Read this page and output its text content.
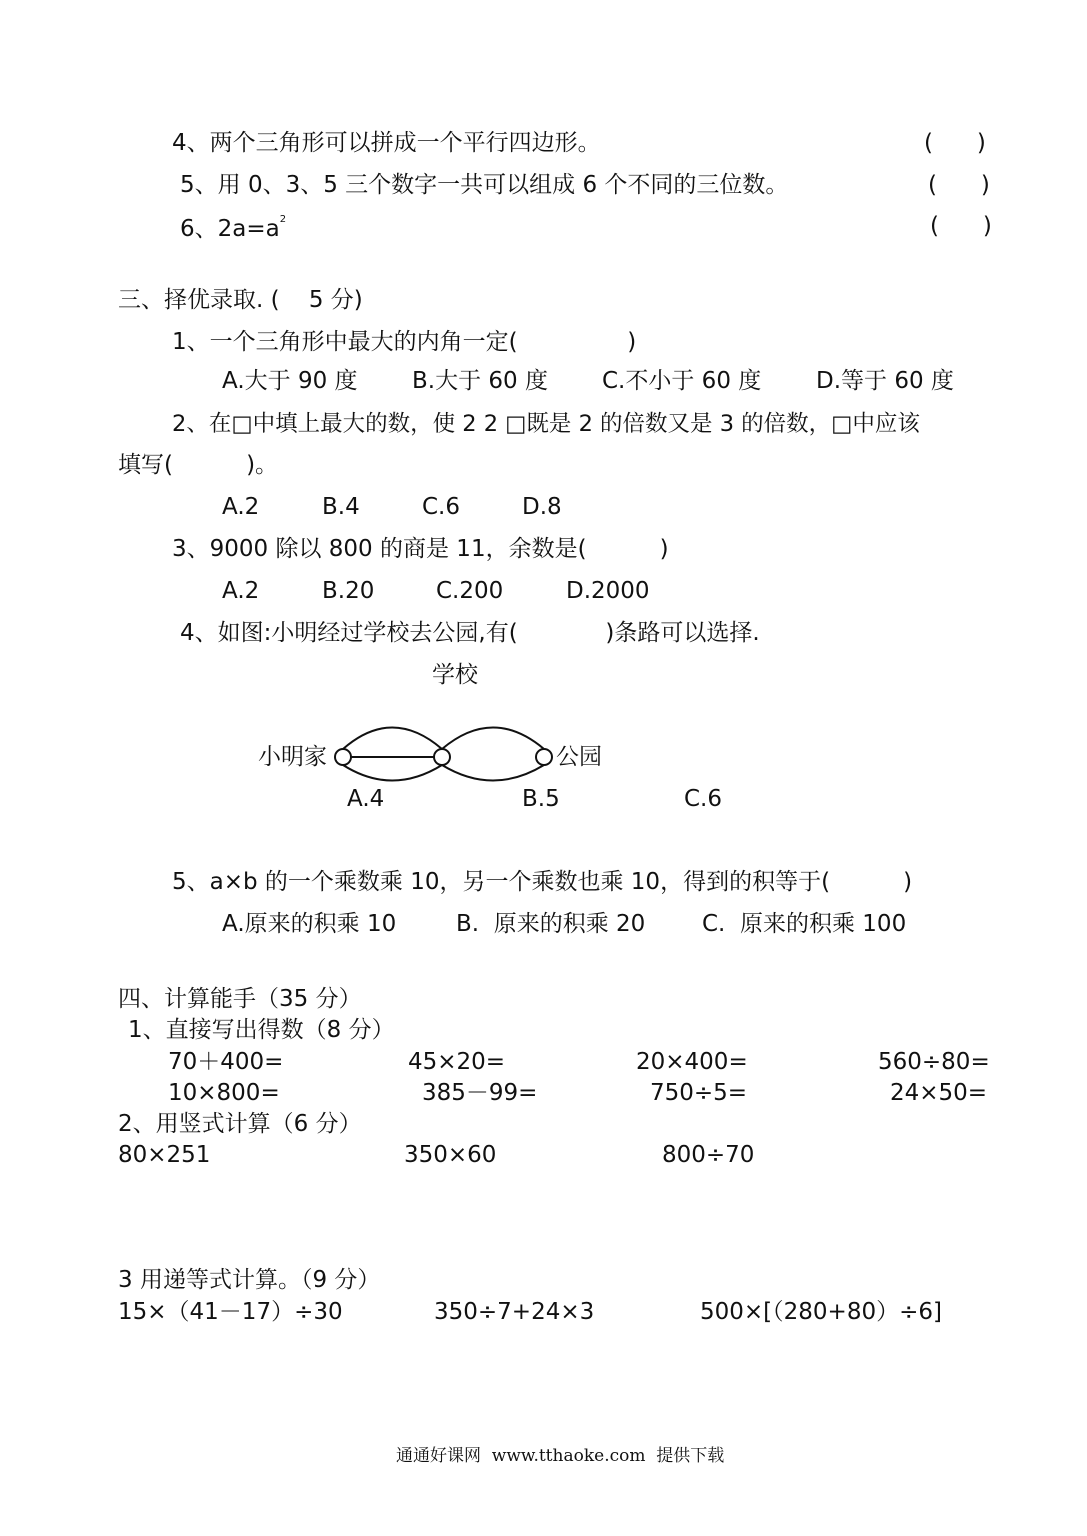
4、两个三角形可以拼成一个平行四边形。	(      )
5、用 0、3、5 三个数字一共可以组成 6 个不同的三位数。	(      )
6、$2a=a^2$	(      )
三、择优录取. (    5 分)
1、一个三角形中最大的内角一定(               )
A.大于 90 度 B.大于 60 度 C.不小于 60 度 D.等于 60 度
2、在□中填上最大的数，使 2 2 □既是 2 的倍数又是 3 的倍数，□中应该
填写(          )。
A.2	B.4	C.6	D.8
3、9000 除以 800 的商是 11，余数是(          )
A.2	B.20	C.200	D.2000
4、如图:小明经过学校去公园,有(            )条路可以选择.
学校
小明家	公园
A.4	B.5	C.6
5、a×b 的一个乘数乘 10，另一个乘数也乘 10，得到的积等于(          )
A.原来的积乘 10	B.  原来的积乘 20 C.  原来的积乘 100
四、计算能手（35 分）
1、直接写出得数（8 分）
70＋400=	45×20=	20×400=	560÷80=
10×800=	385－99=	750÷5=	24×50=
2、用竖式计算（6 分）
80×251	350×60	800÷70
3 用递等式计算。（9 分）
15×（41－17）÷30	350÷7+24×3	500×[（280+80）÷6]
通通好课网  www.tthaoke.com  提供下载
